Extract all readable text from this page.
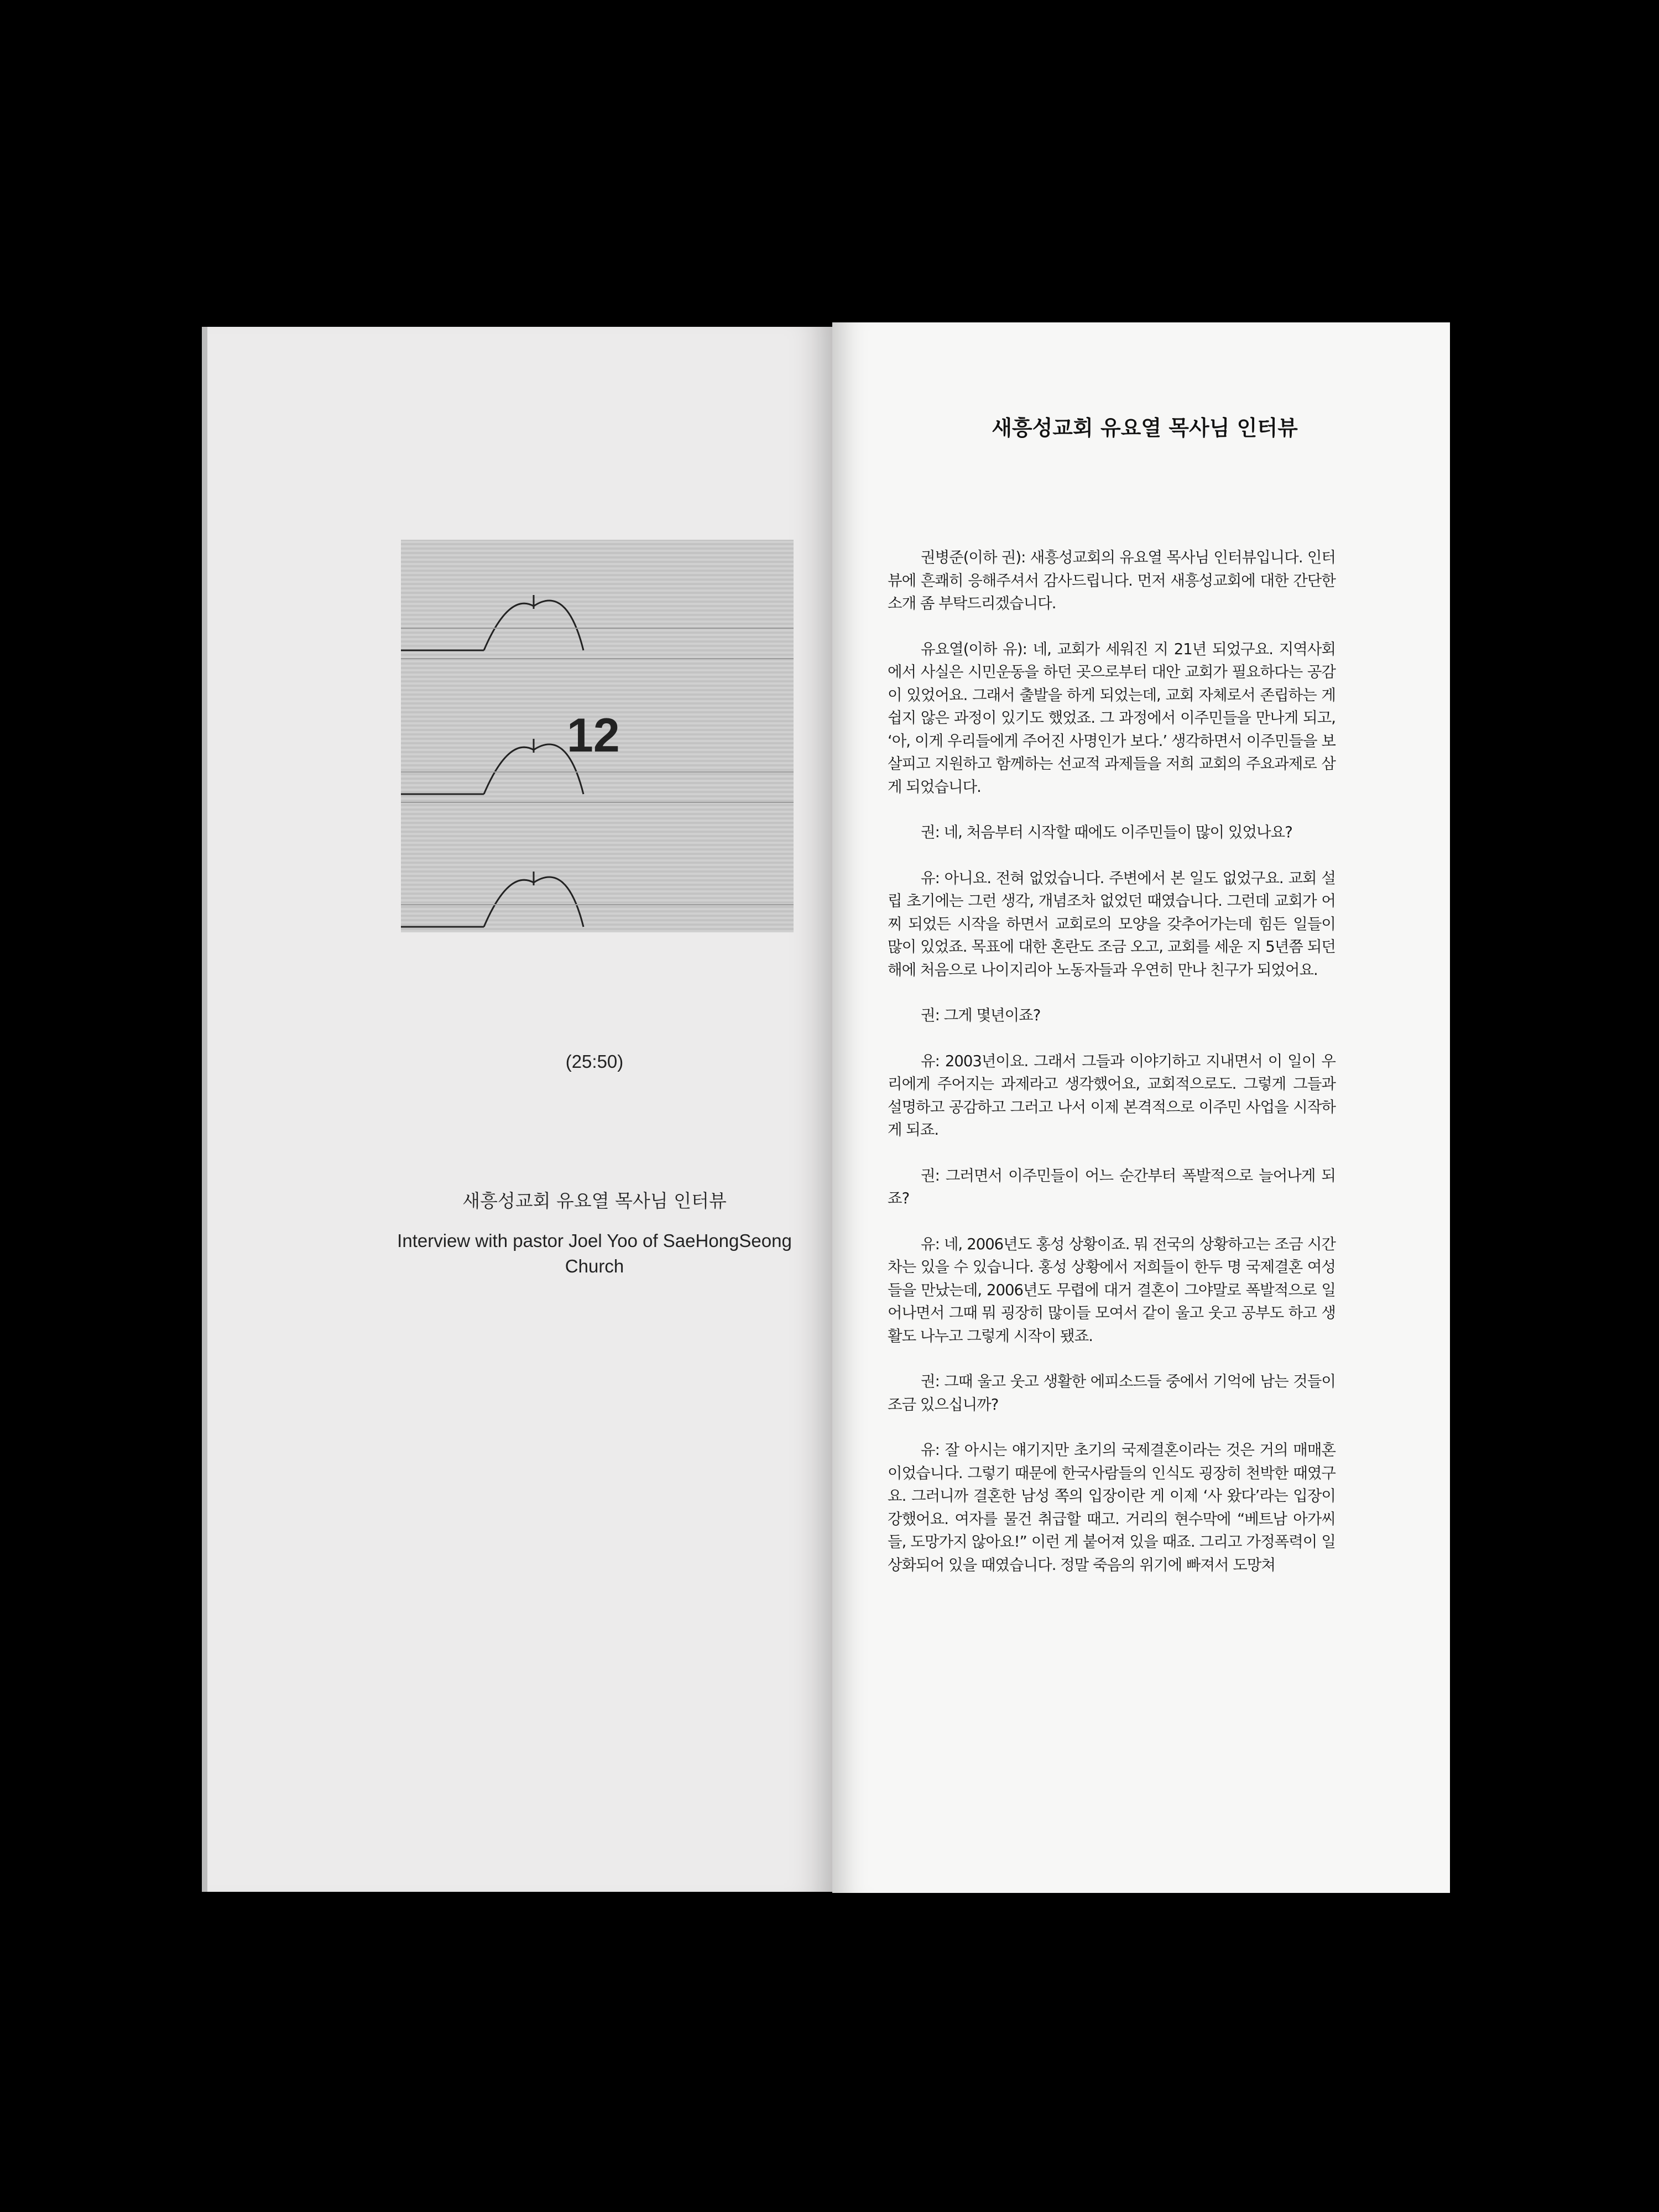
12
(25:50)
새흥성교회 유요열 목사님 인터뷰
Interview with pastor Joel Yoo of SaeHongSeong Church
새흥성교회 유요열 목사님 인터뷰

권병준(이하 권): 새흥성교회의 유요열 목사님 인터뷰입니다. 인터뷰에 흔쾌히 응해주셔서 감사드립니다. 먼저 새흥성교회에 대한 간단한 소개 좀 부탁드리겠습니다.

유요열(이하 유): 네, 교회가 세워진 지 21년 되었구요. 지역사회에서 사실은 시민운동을 하던 곳으로부터 대안 교회가 필요하다는 공감이 있었어요. 그래서 출발을 하게 되었는데, 교회 자체로서 존립하는 게 쉽지 않은 과정이 있기도 했었죠. 그 과정에서 이주민들을 만나게 되고, ‘아, 이게 우리들에게 주어진 사명인가 보다.’ 생각하면서 이주민들을 보살피고 지원하고 함께하는 선교적 과제들을 저희 교회의 주요과제로 삼게 되었습니다.

권: 네, 처음부터 시작할 때에도 이주민들이 많이 있었나요?

유: 아니요. 전혀 없었습니다. 주변에서 본 일도 없었구요. 교회 설립 초기에는 그런 생각, 개념조차 없었던 때였습니다. 그런데 교회가 어찌 되었든 시작을 하면서 교회로의 모양을 갖추어가는데 힘든 일들이 많이 있었죠. 목표에 대한 혼란도 조금 오고, 교회를 세운 지 5년쯤 되던 해에 처음으로 나이지리아 노동자들과 우연히 만나 친구가 되었어요.

권: 그게 몇년이죠?

유: 2003년이요. 그래서 그들과 이야기하고 지내면서 이 일이 우리에게 주어지는 과제라고 생각했어요, 교회적으로도. 그렇게 그들과 설명하고 공감하고 그러고 나서 이제 본격적으로 이주민 사업을 시작하게 되죠.

권: 그러면서 이주민들이 어느 순간부터 폭발적으로 늘어나게 되죠?

유: 네, 2006년도 홍성 상황이죠. 뭐 전국의 상황하고는 조금 시간차는 있을 수 있습니다. 홍성 상황에서 저희들이 한두 명 국제결혼 여성들을 만났는데, 2006년도 무렵에 대거 결혼이 그야말로 폭발적으로 일어나면서 그때 뭐 굉장히 많이들 모여서 같이 울고 웃고 공부도 하고 생활도 나누고 그렇게 시작이 됐죠.

권: 그때 울고 웃고 생활한 에피소드들 중에서 기억에 남는 것들이 조금 있으십니까?

유: 잘 아시는 얘기지만 초기의 국제결혼이라는 것은 거의 매매혼이었습니다. 그렇기 때문에 한국사람들의 인식도 굉장히 천박한 때였구요. 그러니까 결혼한 남성 쪽의 입장이란 게 이제 ‘사 왔다’라는 입장이 강했어요. 여자를 물건 취급할 때고. 거리의 현수막에 “베트남 아가씨들, 도망가지 않아요!” 이런 게 붙어져 있을 때죠. 그리고 가정폭력이 일상화되어 있을 때였습니다. 정말 죽음의 위기에 빠져서 도망쳐
